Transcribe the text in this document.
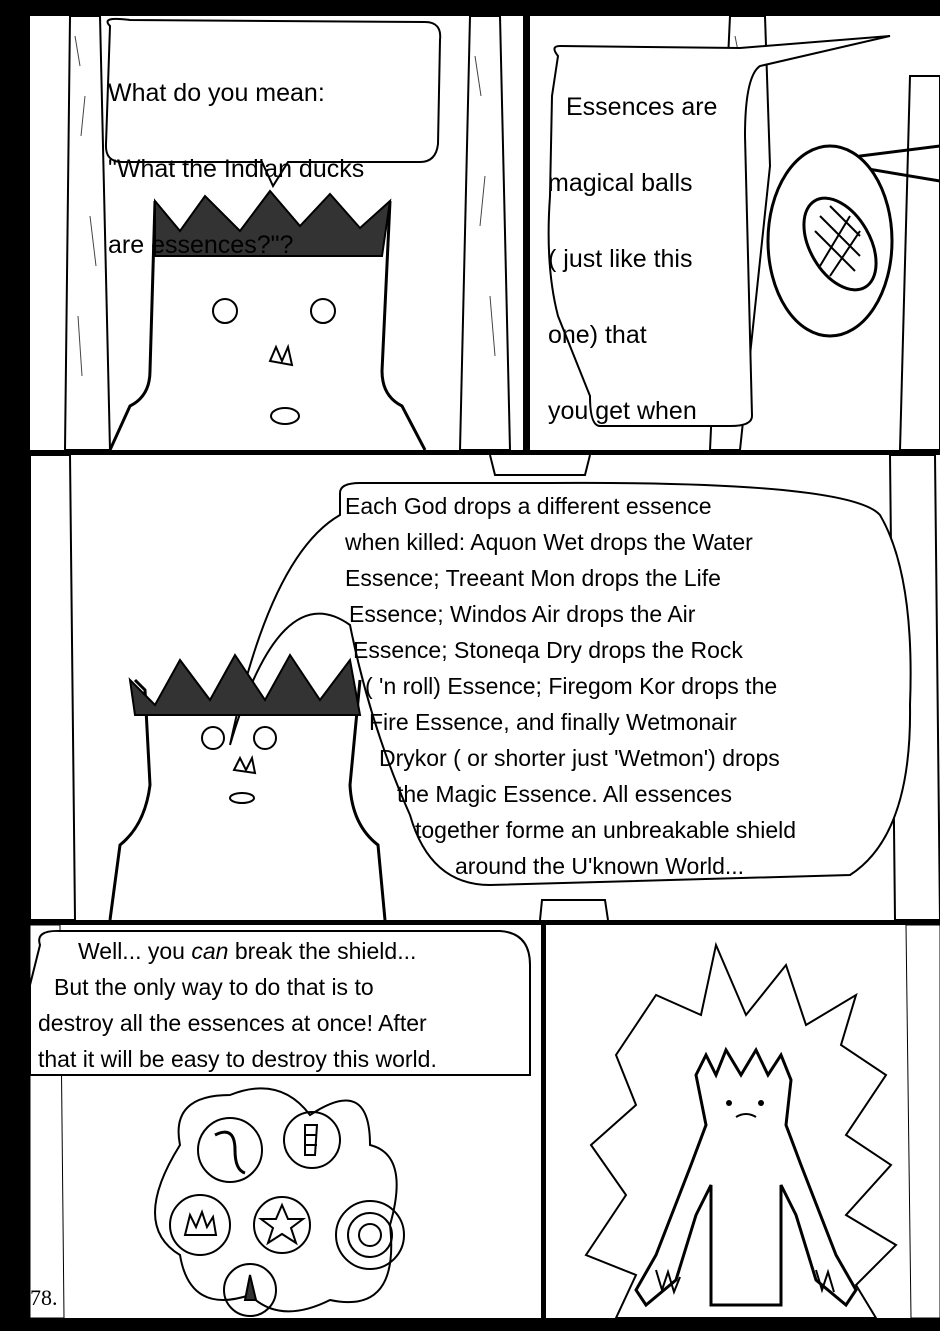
What do you mean:

"What the Indian ducks

are essences?"?

Essences are

magical balls

( just like this

one) that

you get when

Each God drops a different essence
when killed: Aquon Wet drops the Water
Essence; Treeant Mon drops the Life
Essence; Windos Air drops the Air
Essence; Stoneqa Dry drops the Rock
( 'n roll) Essence; Firegom Kor drops the
Fire Essence, and finally Wetmonair
Drykor ( or shorter just 'Wetmon') drops
the Magic Essence. All essences
together forme an unbreakable shield
around the U'known World...
Well... you can break the shield...
But the only way to do that is to
destroy all the essences at once! After
that it will be easy to destroy this world.
78.
